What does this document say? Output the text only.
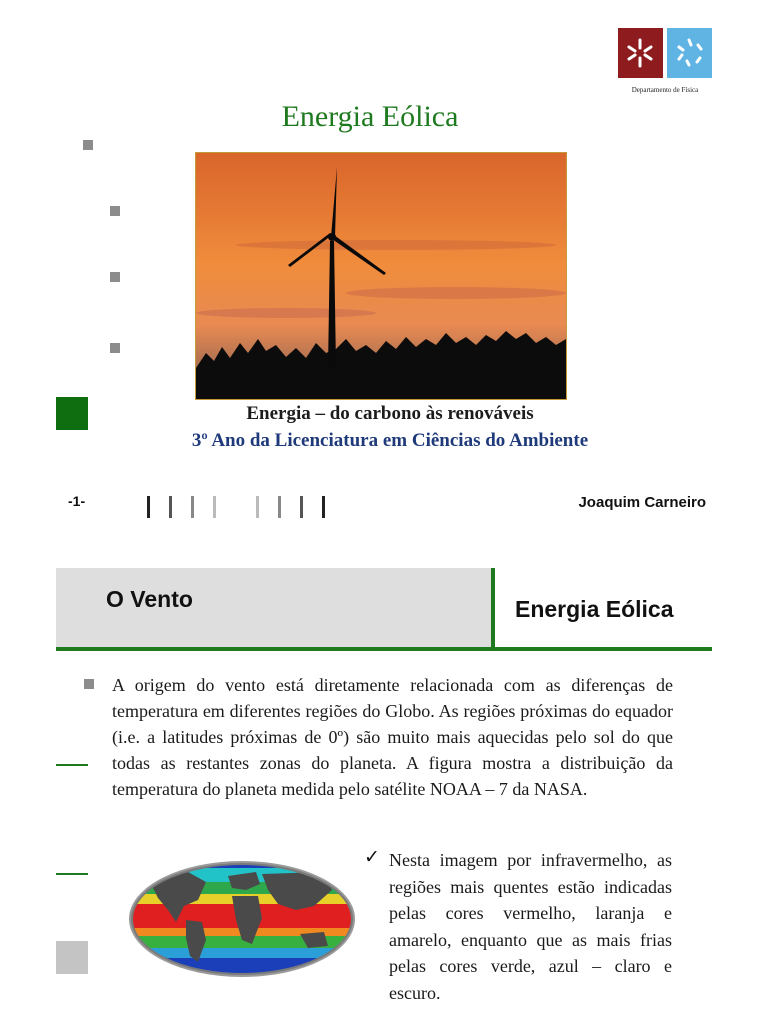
Departamento de Física
Energia Eólica
Energia – do carbono às renováveis
3º Ano da Licenciatura em Ciências do Ambiente
-1-	Joaquim Carneiro
O Vento	Energia Eólica
A origem do vento está diretamente relacionada com as diferenças de temperatura em diferentes regiões do Globo. As regiões próximas do equador (i.e. a latitudes próximas de 0º) são muito mais aquecidas pelo sol do que todas as restantes zonas do planeta. A figura mostra a distribuição da temperatura do planeta medida pelo satélite NOAA – 7 da NASA.
✓ Nesta imagem por infravermelho, as regiões mais quentes estão indicadas pelas cores vermelho, laranja e amarelo, enquanto que as mais frias pelas cores verde, azul – claro e escuro.
